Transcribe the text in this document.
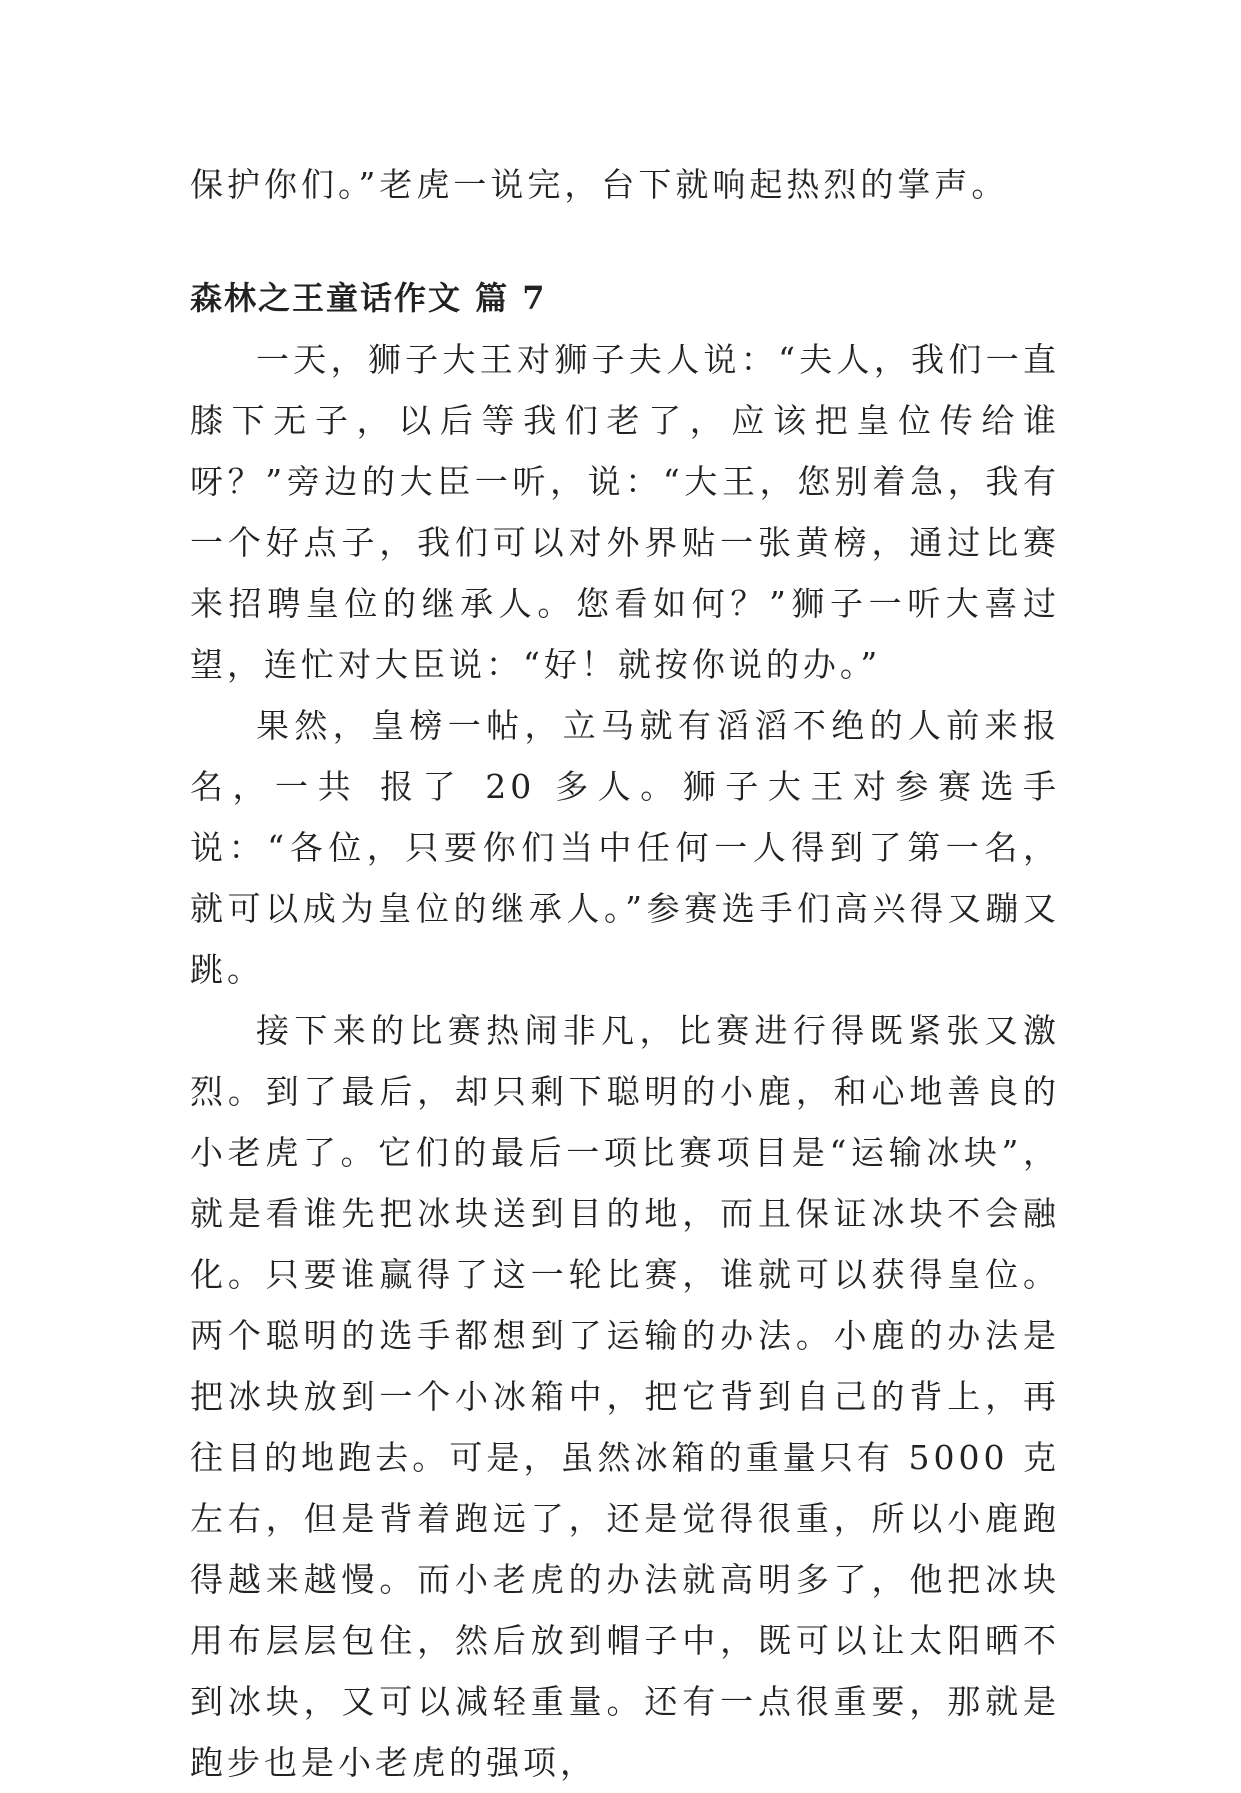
保护你们。”老虎一说完，台下就响起热烈的掌声。

森林之王童话作文 篇 7

一天，狮子大王对狮子夫人说：“夫人，我们一直膝下无子，以后等我们老了，应该把皇位传给谁呀？”旁边的大臣一听，说：“大王，您别着急，我有一个好点子，我们可以对外界贴一张黄榜，通过比赛来招聘皇位的继承人。您看如何？”狮子一听大喜过望，连忙对大臣说：“好！就按你说的办。”

果然，皇榜一帖，立马就有滔滔不绝的人前来报名，一共 报了 20 多人。狮子大王对参赛选手说：“各位，只要你们当中任何一人得到了第一名，就可以成为皇位的继承人。”参赛选手们高兴得又蹦又跳。

接下来的比赛热闹非凡，比赛进行得既紧张又激烈。到了最后，却只剩下聪明的小鹿，和心地善良的小老虎了。它们的最后一项比赛项目是“运输冰块”，就是看谁先把冰块送到目的地，而且保证冰块不会融化。只要谁赢得了这一轮比赛，谁就可以获得皇位。两个聪明的选手都想到了运输的办法。小鹿的办法是把冰块放到一个小冰箱中，把它背到自己的背上，再往目的地跑去。可是，虽然冰箱的重量只有 5000 克左右，但是背着跑远了，还是觉得很重，所以小鹿跑得越来越慢。而小老虎的办法就高明多了，他把冰块用布层层包住，然后放到帽子中，既可以让太阳晒不到冰块，又可以减轻重量。还有一点很重要，那就是跑步也是小老虎的强项，
